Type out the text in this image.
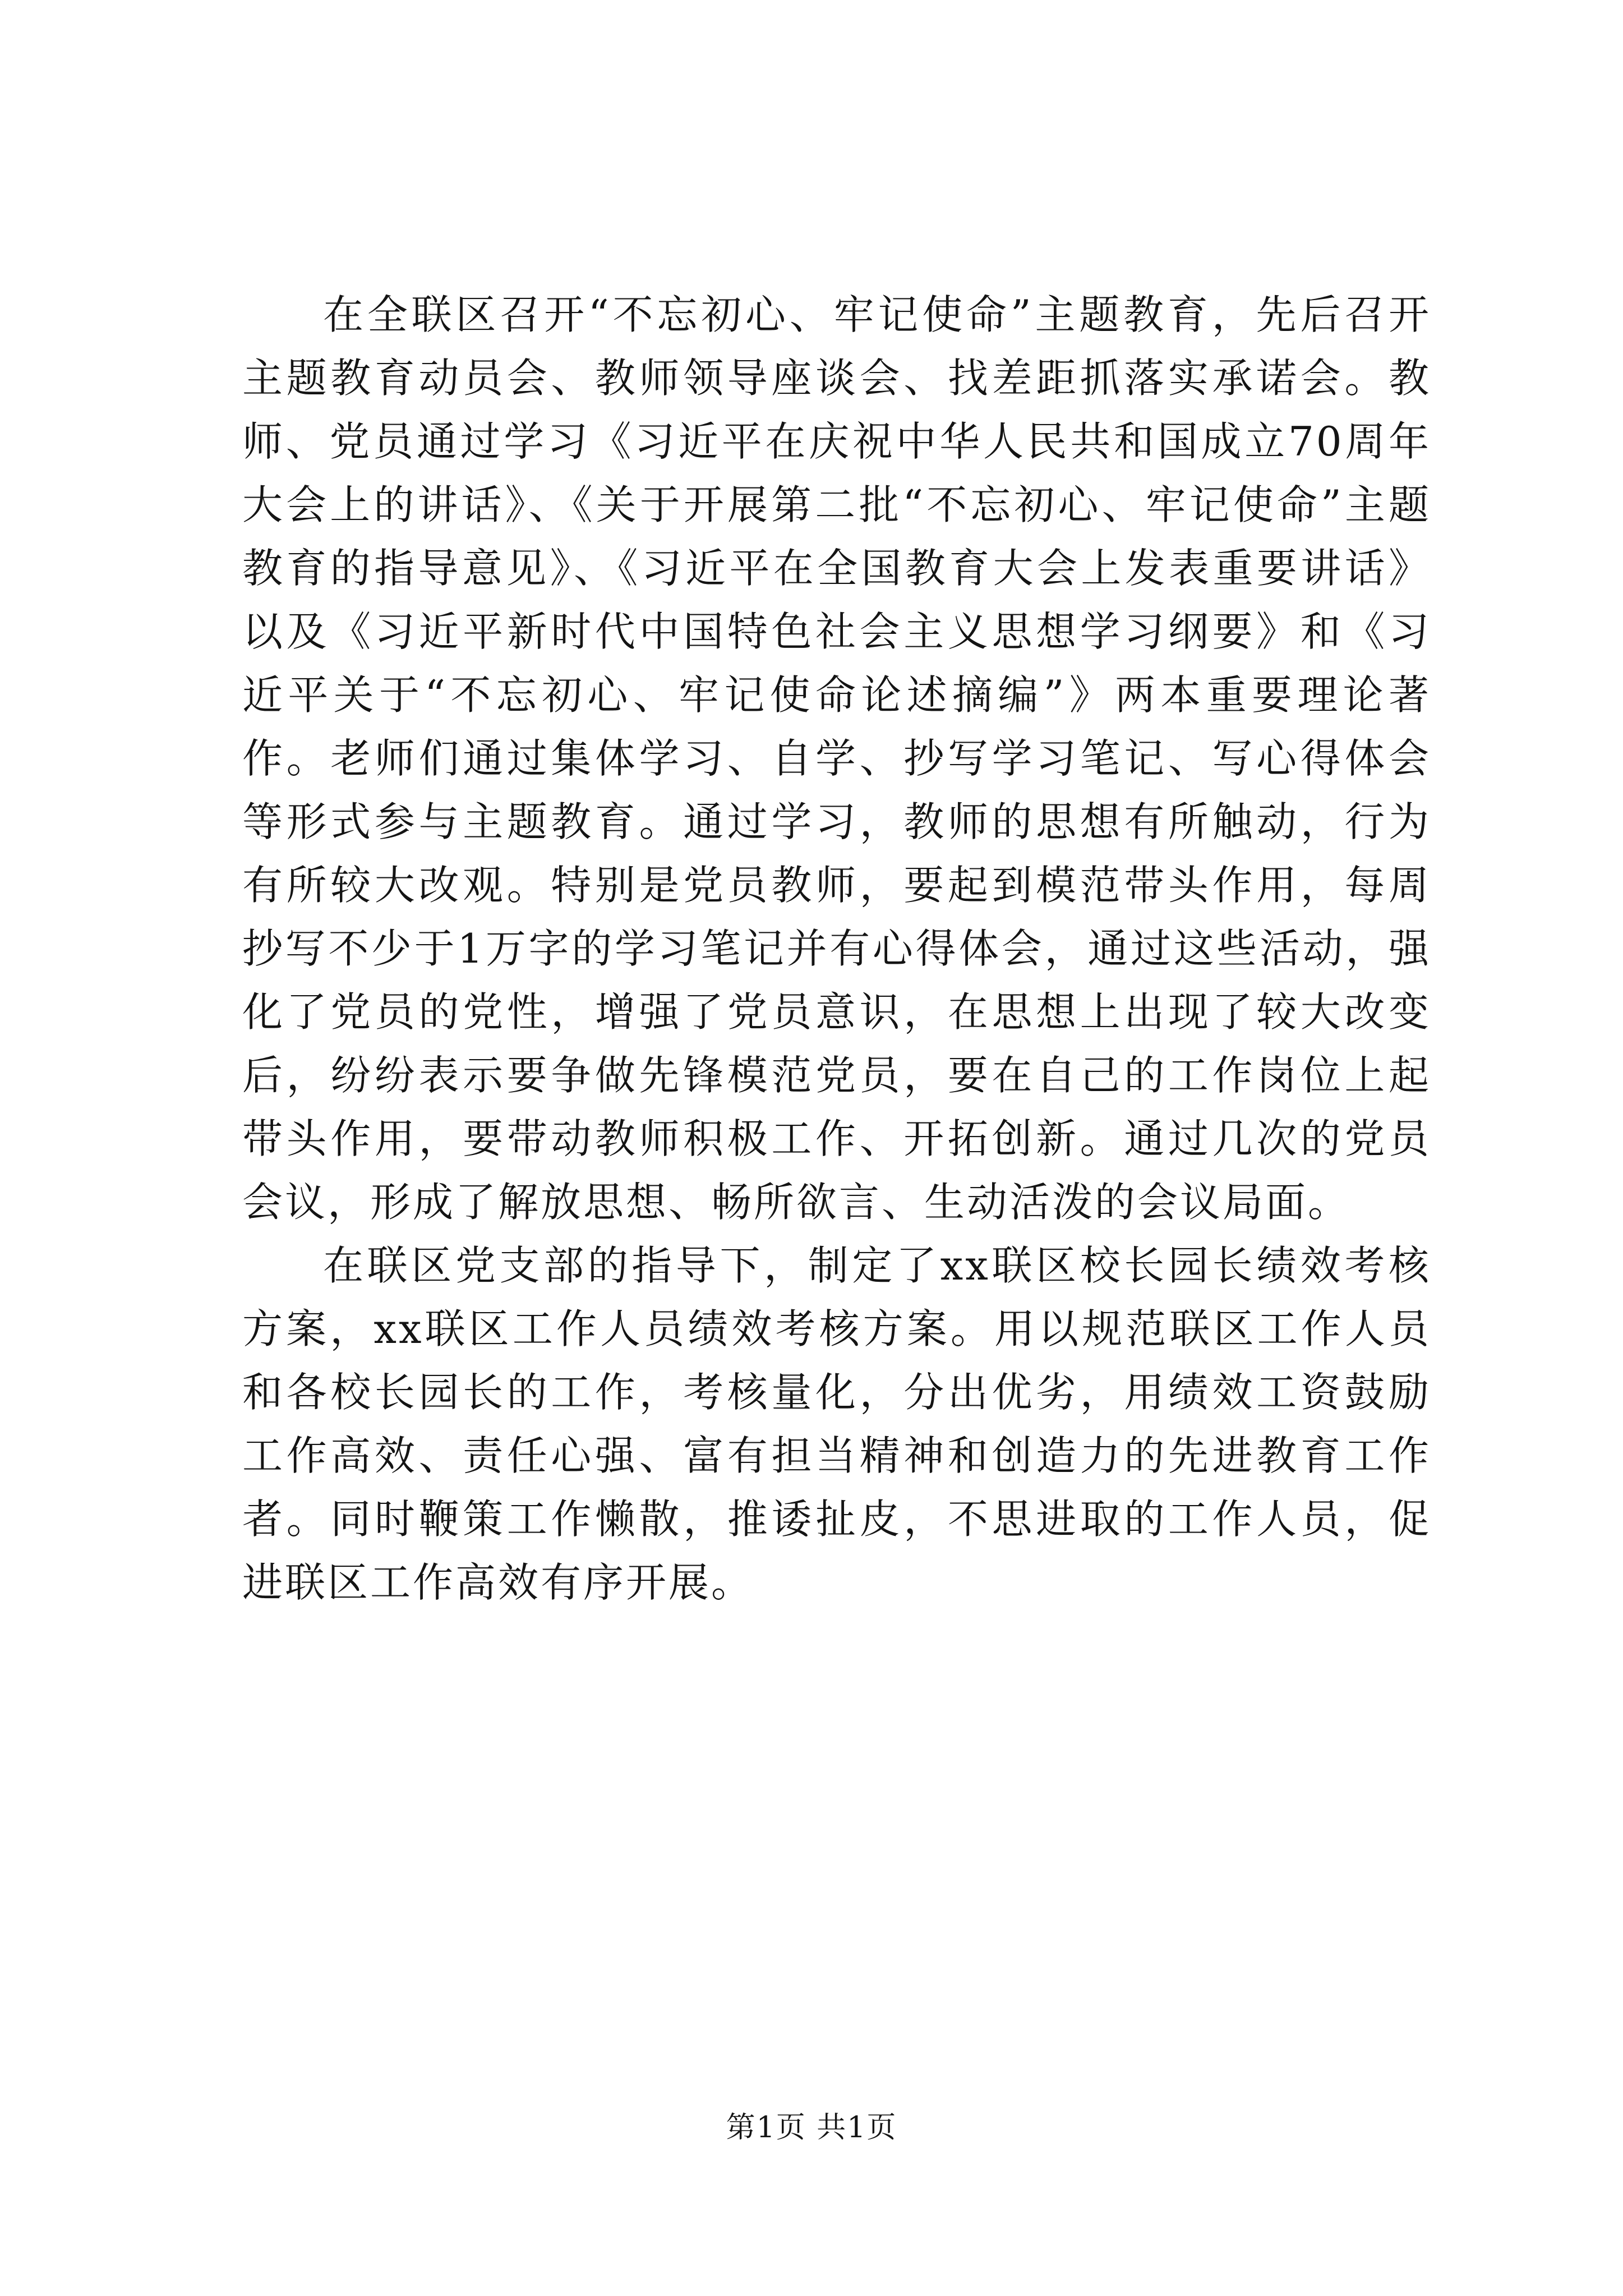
在全联区召开“不忘初心、牢记使命”主题教育，先后召开主题教育动员会、教师领导座谈会、找差距抓落实承诺会。教师、党员通过学习《习近平在庆祝中华人民共和国成立70周年大会上的讲话》、《关于开展第二批“不忘初心、牢记使命”主题教育的指导意见》、《习近平在全国教育大会上发表重要讲话》以及《习近平新时代中国特色社会主义思想学习纲要》和《习近平关于“不忘初心、牢记使命论述摘编”》两本重要理论著作。老师们通过集体学习、自学、抄写学习笔记、写心得体会等形式参与主题教育。通过学习，教师的思想有所触动，行为有所较大改观。特别是党员教师，要起到模范带头作用，每周抄写不少于1万字的学习笔记并有心得体会，通过这些活动，强化了党员的党性，增强了党员意识，在思想上出现了较大改变后，纷纷表示要争做先锋模范党员，要在自己的工作岗位上起带头作用，要带动教师积极工作、开拓创新。通过几次的党员会议，形成了解放思想、畅所欲言、生动活泼的会议局面。

在联区党支部的指导下，制定了xx联区校长园长绩效考核方案，xx联区工作人员绩效考核方案。用以规范联区工作人员和各校长园长的工作，考核量化，分出优劣，用绩效工资鼓励工作高效、责任心强、富有担当精神和创造力的先进教育工作者。同时鞭策工作懒散，推诿扯皮，不思进取的工作人员，促进联区工作高效有序开展。

第1页 共1页
